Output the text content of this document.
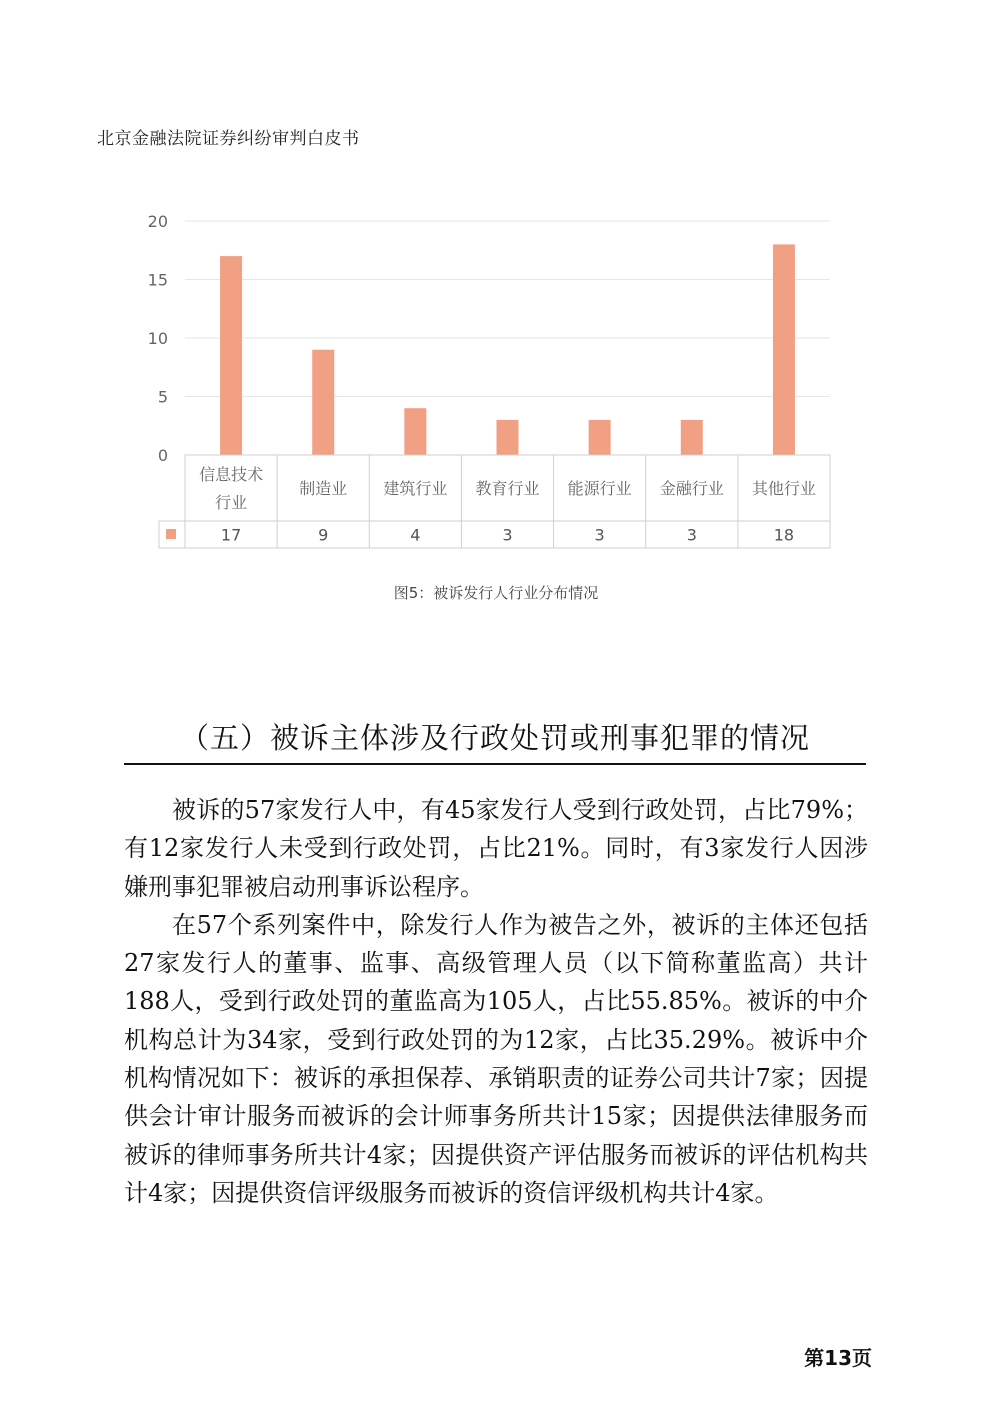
北京金融法院证券纠纷审判白皮书
0
5
10
15
20
信息技术
行业
17
制造业
9
建筑行业
4
教育行业
3
能源行业
3
金融行业
3
其他行业
18
图5：被诉发行人行业分布情况
（五）被诉主体涉及行政处罚或刑事犯罪的情况

被诉的57家发行人中，有45家发行人受到行政处罚，占比79%；有12家发行人未受到行政处罚，占比21%。同时，有3家发行人因涉嫌刑事犯罪被启动刑事诉讼程序。

在57个系列案件中，除发行人作为被告之外，被诉的主体还包括27家发行人的董事、监事、高级管理人员（以下简称董监高）共计188人，受到行政处罚的董监高为105人，占比55.85%。被诉的中介机构总计为34家，受到行政处罚的为12家，占比35.29%。被诉中介机构情况如下：被诉的承担保荐、承销职责的证券公司共计7家；因提供会计审计服务而被诉的会计师事务所共计15家；因提供法律服务而被诉的律师事务所共计4家；因提供资产评估服务而被诉的评估机构共计4家；因提供资信评级服务而被诉的资信评级机构共计4家。

第13页
